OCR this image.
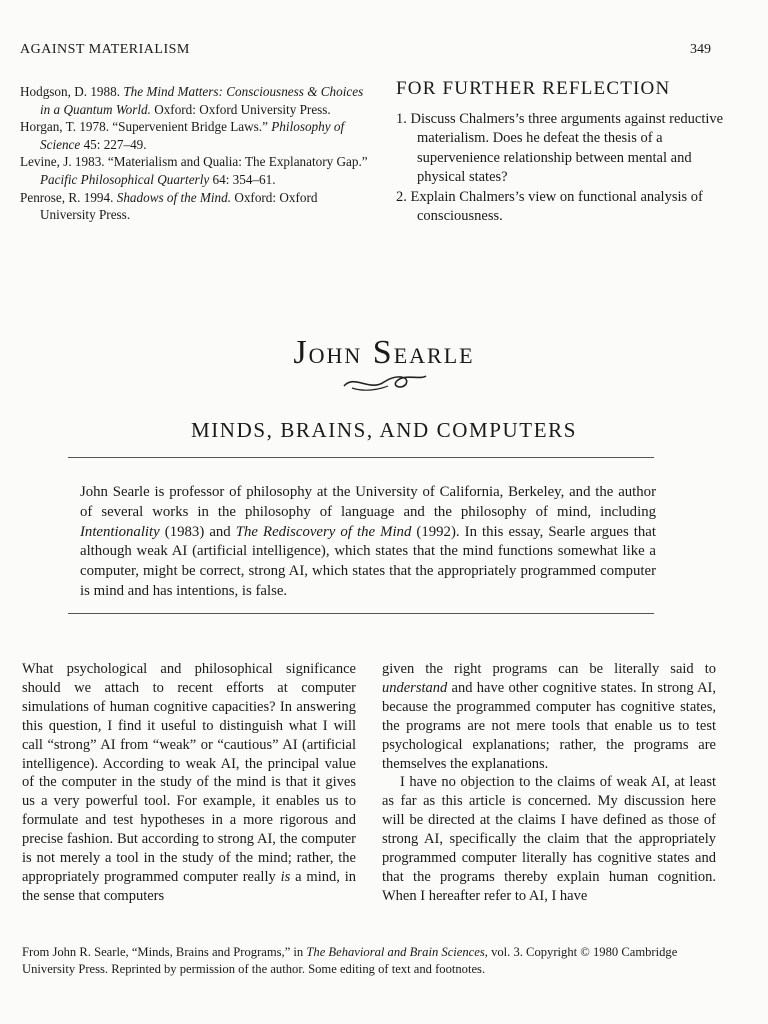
AGAINST MATERIALISM	349

Hodgson, D. 1988. The Mind Matters: Consciousness & Choices in a Quantum World. Oxford: Oxford University Press.

Horgan, T. 1978. “Supervenient Bridge Laws.” Philosophy of Science 45: 227–49.

Levine, J. 1983. “Materialism and Qualia: The Explanatory Gap.” Pacific Philosophical Quarterly 64: 354–61.

Penrose, R. 1994. Shadows of the Mind. Oxford: Oxford University Press.

FOR FURTHER REFLECTION

1. Discuss Chalmers’s three arguments against reductive materialism. Does he defeat the thesis of a supervenience relationship between mental and physical states?

2. Explain Chalmers’s view on functional analysis of consciousness.

JOHN SEARLE
MINDS, BRAINS, AND COMPUTERS
John Searle is professor of philosophy at the University of California, Berkeley, and the author of several works in the philosophy of language and the philosophy of mind, including Intentionality (1983) and The Rediscovery of the Mind (1992). In this essay, Searle argues that although weak AI (artificial intelligence), which states that the mind functions somewhat like a computer, might be correct, strong AI, which states that the appropriately programmed computer is mind and has intentions, is false.

What psychological and philosophical significance should we attach to recent efforts at computer simulations of human cognitive capacities? In answering this question, I find it useful to distinguish what I will call “strong” AI from “weak” or “cautious” AI (artificial intelligence). According to weak AI, the principal value of the computer in the study of the mind is that it gives us a very powerful tool. For example, it enables us to formulate and test hypotheses in a more rigorous and precise fashion. But according to strong AI, the computer is not merely a tool in the study of the mind; rather, the appropriately programmed computer really is a mind, in the sense that computers

given the right programs can be literally said to understand and have other cognitive states. In strong AI, because the programmed computer has cognitive states, the programs are not mere tools that enable us to test psychological explanations; rather, the programs are themselves the explanations.

I have no objection to the claims of weak AI, at least as far as this article is concerned. My discussion here will be directed at the claims I have defined as those of strong AI, specifically the claim that the appropriately programmed computer literally has cognitive states and that the programs thereby explain human cognition. When I hereafter refer to AI, I have

From John R. Searle, “Minds, Brains and Programs,” in The Behavioral and Brain Sciences, vol. 3. Copyright © 1980 Cambridge University Press. Reprinted by permission of the author. Some editing of text and footnotes.
